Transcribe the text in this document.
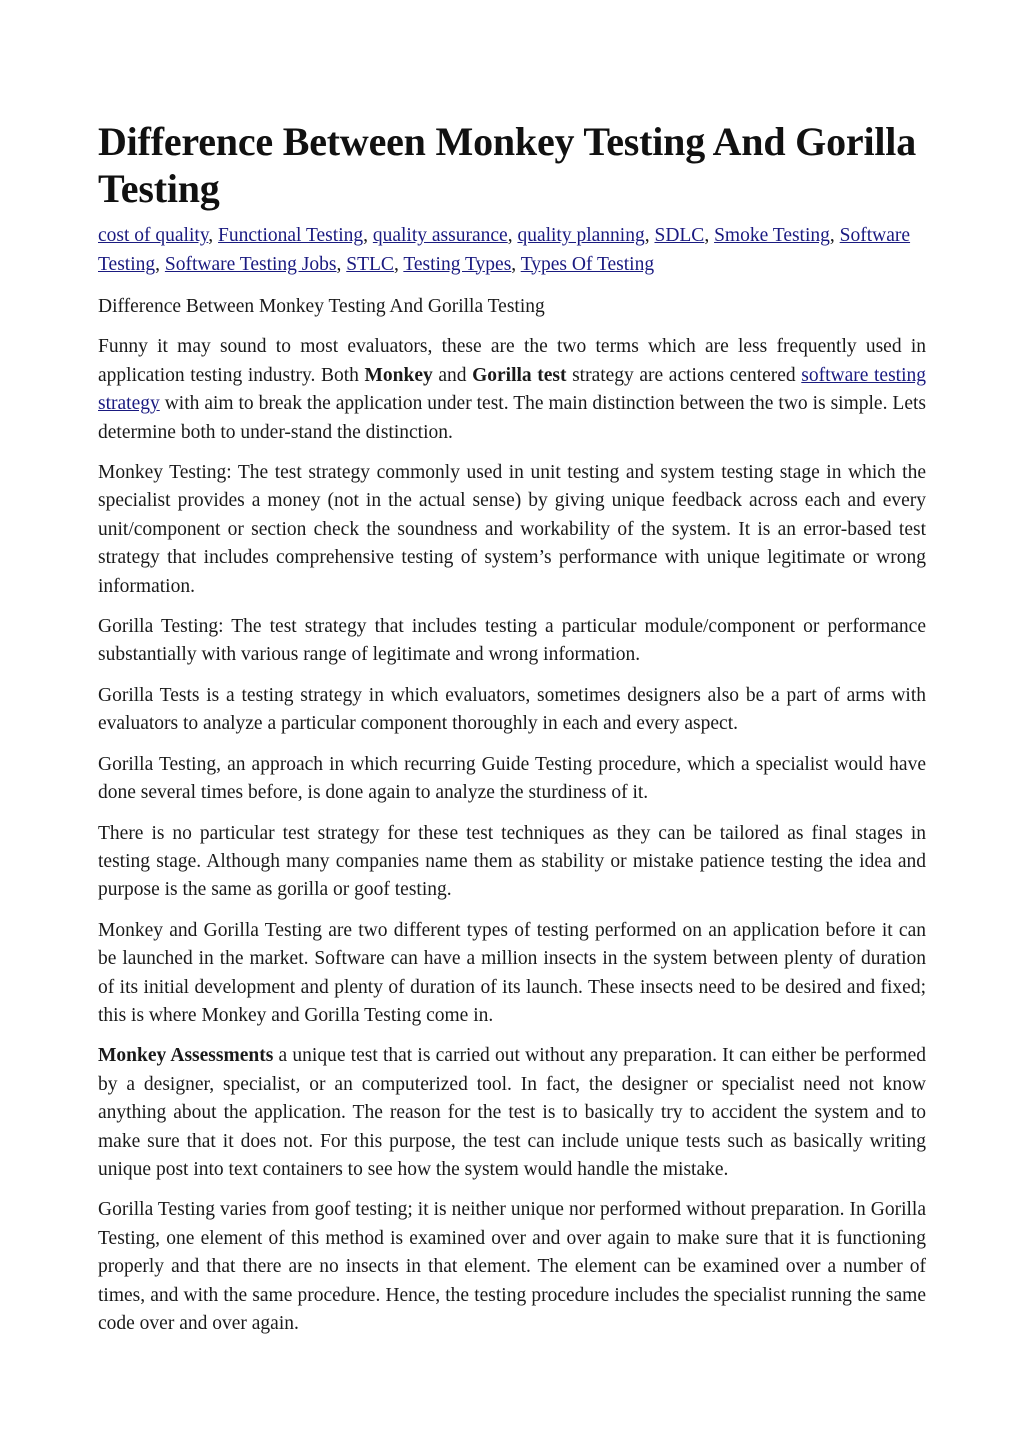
Difference Between Monkey Testing And Gorilla Testing
cost of quality, Functional Testing, quality assurance, quality planning, SDLC, Smoke Testing, Software Testing, Software Testing Jobs, STLC, Testing Types, Types Of Testing

Difference Between Monkey Testing And Gorilla Testing

Funny it may sound to most evaluators, these are the two terms which are less frequently used in application testing industry. Both Monkey and Gorilla test strategy are actions centered software testing strategy with aim to break the application under test. The main distinction between the two is simple. Lets determine both to under-stand the distinction.

Monkey Testing: The test strategy commonly used in unit testing and system testing stage in which the specialist provides a money (not in the actual sense) by giving unique feedback across each and every unit/component or section check the soundness and workability of the system. It is an error-based test strategy that includes comprehensive testing of system’s performance with unique legitimate or wrong information.

Gorilla Testing: The test strategy that includes testing a particular module/component or performance substantially with various range of legitimate and wrong information.

Gorilla Tests is a testing strategy in which evaluators, sometimes designers also be a part of arms with evaluators to analyze a particular component thoroughly in each and every aspect.

Gorilla Testing, an approach in which recurring Guide Testing procedure, which a specialist would have done several times before, is done again to analyze the sturdiness of it.

There is no particular test strategy for these test techniques as they can be tailored as final stages in testing stage. Although many companies name them as stability or mistake patience testing the idea and purpose is the same as gorilla or goof testing.

Monkey and Gorilla Testing are two different types of testing performed on an application before it can be launched in the market. Software can have a million insects in the system between plenty of duration of its initial development and plenty of duration of its launch. These insects need to be desired and fixed; this is where Monkey and Gorilla Testing come in.

Monkey Assessments a unique test that is carried out without any preparation. It can either be performed by a designer, specialist, or an computerized tool. In fact, the designer or specialist need not know anything about the application. The reason for the test is to basically try to accident the system and to make sure that it does not. For this purpose, the test can include unique tests such as basically writing unique post into text containers to see how the system would handle the mistake.

Gorilla Testing varies from goof testing; it is neither unique nor performed without preparation. In Gorilla Testing, one element of this method is examined over and over again to make sure that it is functioning properly and that there are no insects in that element. The element can be examined over a number of times, and with the same procedure. Hence, the testing procedure includes the specialist running the same code over and over again.
